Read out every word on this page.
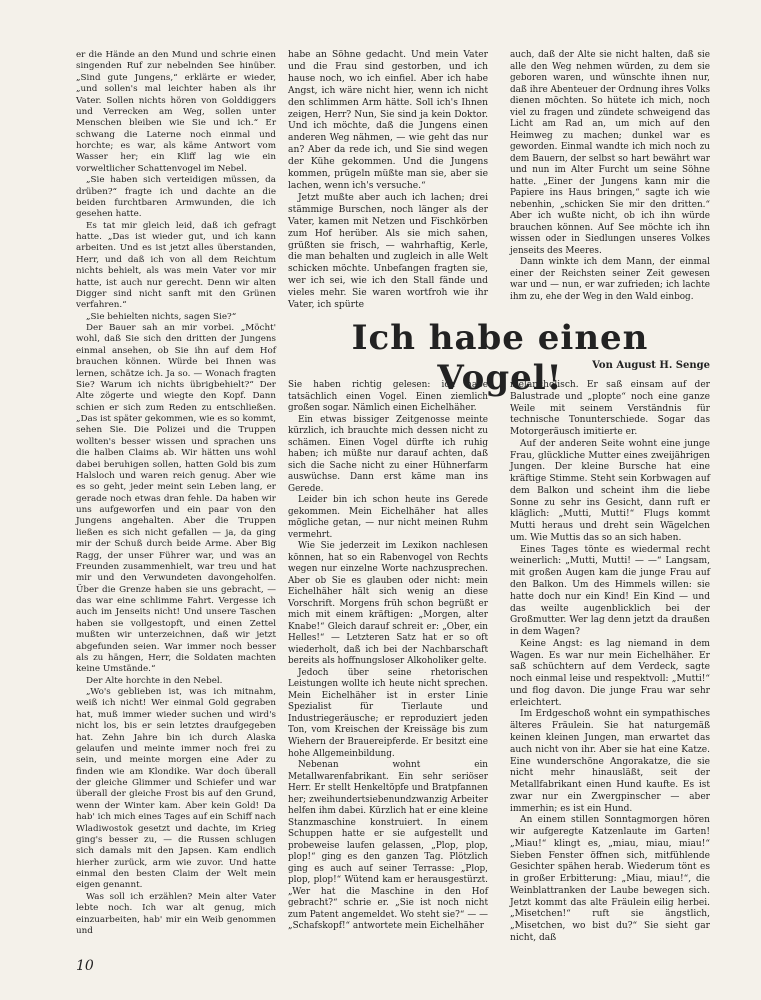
er die Hände an den Mund und schrie einen singenden Ruf zur nebelnden See hinüber. „Sind gute Jungens,“ erklärte er wieder, „und sollen's mal leichter haben als ihr Vater. Sollen nichts hören von Golddiggers und Verrecken am Weg, sollen unter Menschen bleiben wie Sie und ich.“ Er schwang die Laterne noch einmal und horchte; es war, als käme Antwort vom Wasser her; ein Kliff lag wie ein vorweltlicher Schattenvogel im Nebel.

„Sie haben sich verteidigen müssen, da drüben?“ fragte ich und dachte an die beiden furchtbaren Armwunden, die ich gesehen hatte.

Es tat mir gleich leid, daß ich gefragt hatte. „Das ist wieder gut, und ich kann arbeiten. Und es ist jetzt alles überstanden, Herr, und daß ich von all dem Reichtum nichts behielt, als was mein Vater vor mir hatte, ist auch nur gerecht. Denn wir alten Digger sind nicht sanft mit den Grünen verfahren.“

„Sie behielten nichts, sagen Sie?“

Der Bauer sah an mir vorbei. „Möcht' wohl, daß Sie sich den dritten der Jungens einmal ansehen, ob Sie ihn auf dem Hof brauchen können. Würde bei Ihnen was lernen, schätze ich. Ja so. — Wonach fragten Sie? Warum ich nichts übrigbehielt?“ Der Alte zögerte und wiegte den Kopf. Dann schien er sich zum Reden zu entschließen. „Das ist später gekommen, wie es so kommt, sehen Sie. Die Polizei und die Truppen wollten's besser wissen und sprachen uns die halben Claims ab. Wir hätten uns wohl dabei beruhigen sollen, hatten Gold bis zum Halsloch und waren reich genug. Aber wie es so geht, jeder meint sein Leben lang, er gerade noch etwas dran fehle. Da haben wir uns aufgeworfen und ein paar von den Jungens angehalten. Aber die Truppen ließen es sich nicht gefallen — ja, da ging mir der Schuß durch beide Arme. Aber Big Ragg, der unser Führer war, und was an Freunden zusammenhielt, war treu und hat mir und den Verwundeten davongeholfen. Über die Grenze haben sie uns gebracht, — das war eine schlimme Fahrt. Vergesse ich auch im Jenseits nicht! Und unsere Taschen haben sie vollgestopft, und einen Zettel mußten wir unterzeichnen, daß wir jetzt abgefunden seien. War immer noch besser als zu hängen, Herr, die Soldaten machten keine Umstände.“

Der Alte horchte in den Nebel.

„Wo's geblieben ist, was ich mitnahm, weiß ich nicht! Wer einmal Gold gegraben hat, muß immer wieder suchen und wird's nicht los, bis er sein letztes draufgegeben hat. Zehn Jahre bin ich durch Alaska gelaufen und meinte immer noch frei zu sein, und meinte morgen eine Ader zu finden wie am Klondike. War doch überall der gleiche Glimmer und Schiefer und war überall der gleiche Frost bis auf den Grund, wenn der Winter kam. Aber kein Gold! Da hab' ich mich eines Tages auf ein Schiff nach Wladiwostok gesetzt und dachte, im Krieg ging's besser zu, — die Russen schlugen sich damals mit den Japsen. Kam endlich hierher zurück, arm wie zuvor. Und hatte einmal den besten Claim der Welt mein eigen genannt.

Was soll ich erzählen? Mein alter Vater lebte noch. Ich war alt genug, mich einzuarbeiten, hab' mir ein Weib genommen und

habe an Söhne gedacht. Und mein Vater und die Frau sind gestorben, und ich hause noch, wo ich einfiel. Aber ich habe Angst, ich wäre nicht hier, wenn ich nicht den schlimmen Arm hätte. Soll ich's Ihnen zeigen, Herr? Nun, Sie sind ja kein Doktor. Und ich möchte, daß die Jungens einen anderen Weg nähmen, — wie geht das nur an? Aber da rede ich, und Sie sind wegen der Kühe gekommen. Und die Jungens kommen, prügeln müßte man sie, aber sie lachen, wenn ich's versuche.“

Jetzt mußte aber auch ich lachen; drei stämmige Burschen, noch länger als der Vater, kamen mit Netzen und Fischkörben zum Hof herüber. Als sie mich sahen, grüßten sie frisch, — wahrhaftig, Kerle, die man behalten und zugleich in alle Welt schicken möchte. Unbefangen fragten sie, wer ich sei, wie ich den Stall fände und vieles mehr. Sie waren wortfroh wie ihr Vater, ich spürte

auch, daß der Alte sie nicht halten, daß sie alle den Weg nehmen würden, zu dem sie geboren waren, und wünschte ihnen nur, daß ihre Abenteuer der Ordnung ihres Volks dienen möchten. So hütete ich mich, noch viel zu fragen und zündete schweigend das Licht am Rad an, um mich auf den Heimweg zu machen; dunkel war es geworden. Einmal wandte ich mich noch zu dem Bauern, der selbst so hart bewährt war und nun im Alter Furcht um seine Söhne hatte. „Einer der Jungens kann mir die Papiere ins Haus bringen,“ sagte ich wie nebenhin, „schicken Sie mir den dritten.“ Aber ich wußte nicht, ob ich ihn würde brauchen können. Auf See möchte ich ihn wissen oder in Siedlungen unseres Volkes jenseits des Meeres.

Dann winkte ich dem Mann, der einmal einer der Reichsten seiner Zeit gewesen war und — nun, er war zufrieden; ich lachte ihm zu, ehe der Weg in den Wald einbog.

Ich habe einen Vogel!	Von August H. Senge

Sie haben richtig gelesen: ich habe tatsächlich einen Vogel. Einen ziemlich großen sogar. Nämlich einen Eichelhäher.

Ein etwas bissiger Zeitgenosse meinte kürzlich, ich brauchte mich dessen nicht zu schämen. Einen Vogel dürfte ich ruhig haben; ich müßte nur darauf achten, daß sich die Sache nicht zu einer Hühnerfarm auswüchse. Dann erst käme man ins Gerede.

Leider bin ich schon heute ins Gerede gekommen. Mein Eichelhäher hat alles mögliche getan, — nur nicht meinen Ruhm vermehrt.

Wie Sie jederzeit im Lexikon nachlesen können, hat so ein Rabenvogel von Rechts wegen nur einzelne Worte nachzusprechen. Aber ob Sie es glauben oder nicht: mein Eichelhäher hält sich wenig an diese Vorschrift. Morgens früh schon begrüßt er mich mit einem kräftigen: „Morgen, alter Knabe!“ Gleich darauf schreit er: „Ober, ein Helles!“ — Letzteren Satz hat er so oft wiederholt, daß ich bei der Nachbarschaft bereits als hoffnungsloser Alkoholiker gelte.

Jedoch über seine rhetorischen Leistungen wollte ich heute nicht sprechen. Mein Eichelhäher ist in erster Linie Spezialist für Tierlaute und Industriegeräusche; er reproduziert jeden Ton, vom Kreischen der Kreissäge bis zum Wiehern der Brauereipferde. Er besitzt eine hohe Allgemeinbildung.

Nebenan wohnt ein Metallwarenfabrikant. Ein sehr seriöser Herr. Er stellt Henkeltöpfe und Bratpfannen her; zweihundertsiebenundzwanzig Arbeiter helfen ihm dabei. Kürzlich hat er eine kleine Stanzmaschine konstruiert. In einem Schuppen hatte er sie aufgestellt und probeweise laufen gelassen, „Plop, plop, plop!“ ging es den ganzen Tag. Plötzlich ging es auch auf seiner Terrasse: „Plop, plop, plop!“ Wütend kam er herausgestürzt. „Wer hat die Maschine in den Hof gebracht?“ schrie er. „Sie ist noch nicht zum Patent angemeldet. Wo steht sie?“ — — „Schafskopf!“ antwortete mein Eichelhäher

melancholisch. Er saß einsam auf der Balustrade und „plopte“ noch eine ganze Weile mit seinem Verständnis für technische Tonunterschiede. Sogar das Motorgeräusch imitierte er.

Auf der anderen Seite wohnt eine junge Frau, glückliche Mutter eines zweijährigen Jungen. Der kleine Bursche hat eine kräftige Stimme. Steht sein Korbwagen auf dem Balkon und scheint ihm die liebe Sonne zu sehr ins Gesicht, dann ruft er kläglich: „Mutti, Mutti!“ Flugs kommt Mutti heraus und dreht sein Wägelchen um. Wie Muttis das so an sich haben.

Eines Tages tönte es wiedermal recht weinerlich: „Mutti, Mutti! — —“ Langsam, mit großen Augen kam die junge Frau auf den Balkon. Um des Himmels willen: sie hatte doch nur ein Kind! Ein Kind — und das weilte augenblicklich bei der Großmutter. Wer lag denn jetzt da draußen in dem Wagen?

Keine Angst: es lag niemand in dem Wagen. Es war nur mein Eichelhäher. Er saß schüchtern auf dem Verdeck, sagte noch einmal leise und respektvoll: „Mutti!“ und flog davon. Die junge Frau war sehr erleichtert.

Im Erdgeschoß wohnt ein sympathisches älteres Fräulein. Sie hat naturgemäß keinen kleinen Jungen, man erwartet das auch nicht von ihr. Aber sie hat eine Katze. Eine wunderschöne Angorakatze, die sie nicht mehr hinausläßt, seit der Metallfabrikant einen Hund kaufte. Es ist zwar nur ein Zwergpinscher — aber immerhin; es ist ein Hund.

An einem stillen Sonntagmorgen hören wir aufgeregte Katzenlaute im Garten! „Miau!“ klingt es, „miau, miau, miau!“ Sieben Fenster öffnen sich, mitfühlende Gesichter spähen herab. Wiederum tönt es in großer Erbitterung: „Miau, miau!“, die Weinblattranken der Laube bewegen sich. Jetzt kommt das alte Fräulein eilig herbei. „Misetchen!“ ruft sie ängstlich, „Misetchen, wo bist du?“ Sie sieht gar nicht, daß

10
